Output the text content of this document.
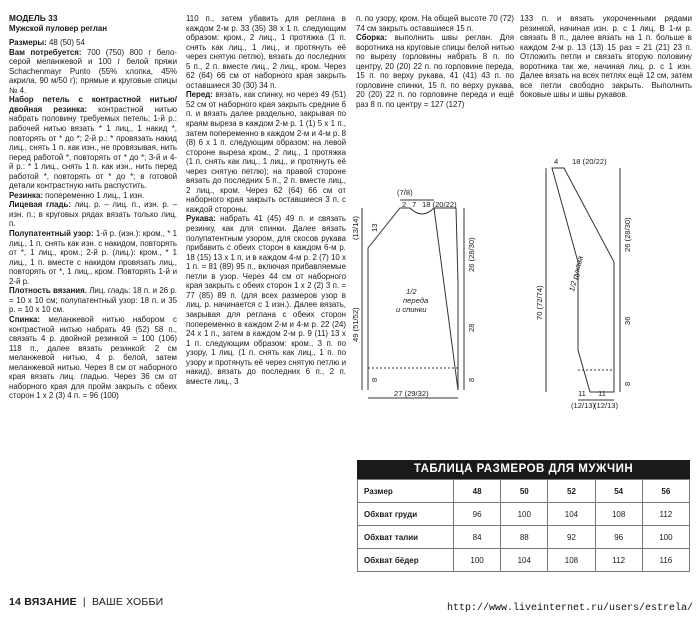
МОДЕЛЬ 33

Мужской пуловер реглан

Размеры: 48 (50) 54

Вам потребуется: 700 (750) 800 г бело-серой меланжевой и 100 г белой пряжи Schachenmayr Punto (55% хлопка, 45% акрила, 90 м/50 г); прямые и круговые спицы № 4.

Набор петель с контрастной нитью/двойная резинка: контрастной нитью набрать половину требуемых петель; 1-й р.: рабочей нитью вязать * 1 лиц., 1 накид *, повторять от * до *; 2-й р.: * провязать накид лиц., снять 1 п. как изн., не провязывая, нить перед работой *, повторять от * до *; 3-й и 4-й р.: * 1 лиц., снять 1 п. как изн., нить перед работой *, повторять от * до *; в готовой детали контрастную нить распустить.

Резинка: попеременно 1 лиц., 1 изн.

Лицевая гладь: лиц. р. – лиц. п., изн. р. – изн. п.; в круговых рядах вязать только лиц. п.

Полупатентный узор: 1-й р. (изн.): кром., * 1 лиц., 1 п. снять как изн. с накидом, повторять от *, 1 лиц., кром.; 2-й р. (лиц.): кром., * 1 лиц., 1 п. вместе с накидом провязать лиц., повторять от *, 1 лиц., кром. Повторять 1-й и 2-й р.

Плотность вязания. Лиц. гладь: 18 п. и 26 р. = 10 х 10 см; полупатентный узор: 18 п. и 35 р. = 10 х 10 см.

Спинка: меланжевой нитью набором с контрастной нитью набрать 49 (52) 58 п., связать 4 р. двойной резинкой = 100 (106) 118 п., далее вязать резинкой: 2 см меланжевой нитью, 4 р. белой, затем меланжевой нитью. Через 8 см от наборного края вязать лиц. гладью. Через 36 см от наборного края для пройм закрыть с обеих сторон 1 х 2 (3) 4 п. = 96 (100)

110 п., затем убавить для реглана в каждом 2-м р. 33 (35) 38 х 1 п. следующим образом: кром., 2 лиц., 1 протяжка (1 п. снять как лиц., 1 лиц., и протянуть её через снятую петлю), вязать до последних 5 п., 2 п. вместе лиц., 2 лиц., кром. Через 62 (64) 66 см от наборного края закрыть оставшиеся 30 (30) 34 п.

Перед: вязать, как спинку, но через 49 (51) 52 см от наборного края закрыть средние 6 п. и вязать далее раздельно, закрывая по краям выреза в каждом 2-м р. 1 (1) 5 х 1 п., затем попеременно в каждом 2-м и 4-м р. 8 (8) 6 х 1 п. следующим образом: на левой стороне выреза кром., 2 лиц., 1 протяжка (1 п. снять как лиц., 1 лиц., и протянуть её через снятую петлю); на правой стороне вязать до последних 5 п., 2 п. вместе лиц., 2 лиц., кром. Через 62 (64) 66 см от наборного края закрыть оставшиеся 3 п. с каждой стороны.

Рукава: набрать 41 (45) 49 п. и связать резинку, как для спинки. Далее вязать полупатентным узором, для скосов рукава прибавить с обеих сторон в каждом 6-м р. 18 (15) 13 х 1 п. и в каждом 4-м р. 2 (7) 10 х 1 п. = 81 (89) 95 п., включая прибавляемые петли в узор. Через 44 см от наборного края закрыть с обеих сторон 1 х 2 (2) 3 п. = 77 (85) 89 п. (для всех размеров узор в лиц. р. начинается с 1 изн.). Далее вязать, закрывая для реглана с обеих сторон попеременно в каждом 2-м и 4-м р. 22 (24) 24 х 1 п., затем в каждом 2-м р. 9 (11) 13 х 1 п. следующим образом: кром., 3 п. по узору, 1 лиц. (1 п. снять как лиц., 1 п. по узору и протянуть её через снятую петлю и накид), вязать до последних 6 п., 2 п. вместе лиц., 3

п. по узору, кром. На общей высоте 70 (72) 74 см закрыть оставшиеся 15 п.

Сборка: выполнить швы реглан. Для воротника на круговые спицы белой нитью по вырезу горловины набрать 8 п. по центру, 20 (20) 22 п. по горловине переда, 15 п. по верху рукава, 41 (41) 43 п. по горловине спинки, 15 п. по верху рукава, 20 (20) 22 п. по горловине переда и ещё раз 8 п. по центру = 127 (127)

133 п. и вязать укороченными рядами резинкой, начиная изн. р. с 1 лиц. В 1-м р. связать 8 п., далее вязать на 1 п. больше в каждом 2-м р. 13 (13) 15 раз = 21 (21) 23 п. Отложить петли и связать вторую половину воротника так же, начиная лиц. р. с 1 изн. Далее вязать на всех петлях ещё 12 см, затем все петли свободно закрыть. Выполнить боковые швы и швы рукавов.

(7/8)
2 7 18 (20/22)
(13/14) 13
49 (51/52)
26 (28/30)
28
8
8
27 (29/32)
1/2
переда
и спинки
4 18 (20/22)
26 (28/30)
36
8
70 (72/74)
1/2 рукава
11
(12/13)
11
(12/13)
ТАБЛИЦА РАЗМЕРОВ ДЛЯ МУЖЧИН
Размер	48	50	52	54	56
Обхват груди	96	100	104	108	112
Обхват талии	84	88	92	96	100
Обхват бёдер	100	104	108	112	116
14 ВЯЗАНИЕ | ВАШЕ ХОББИ
http://www.liveinternet.ru/users/estrela/
